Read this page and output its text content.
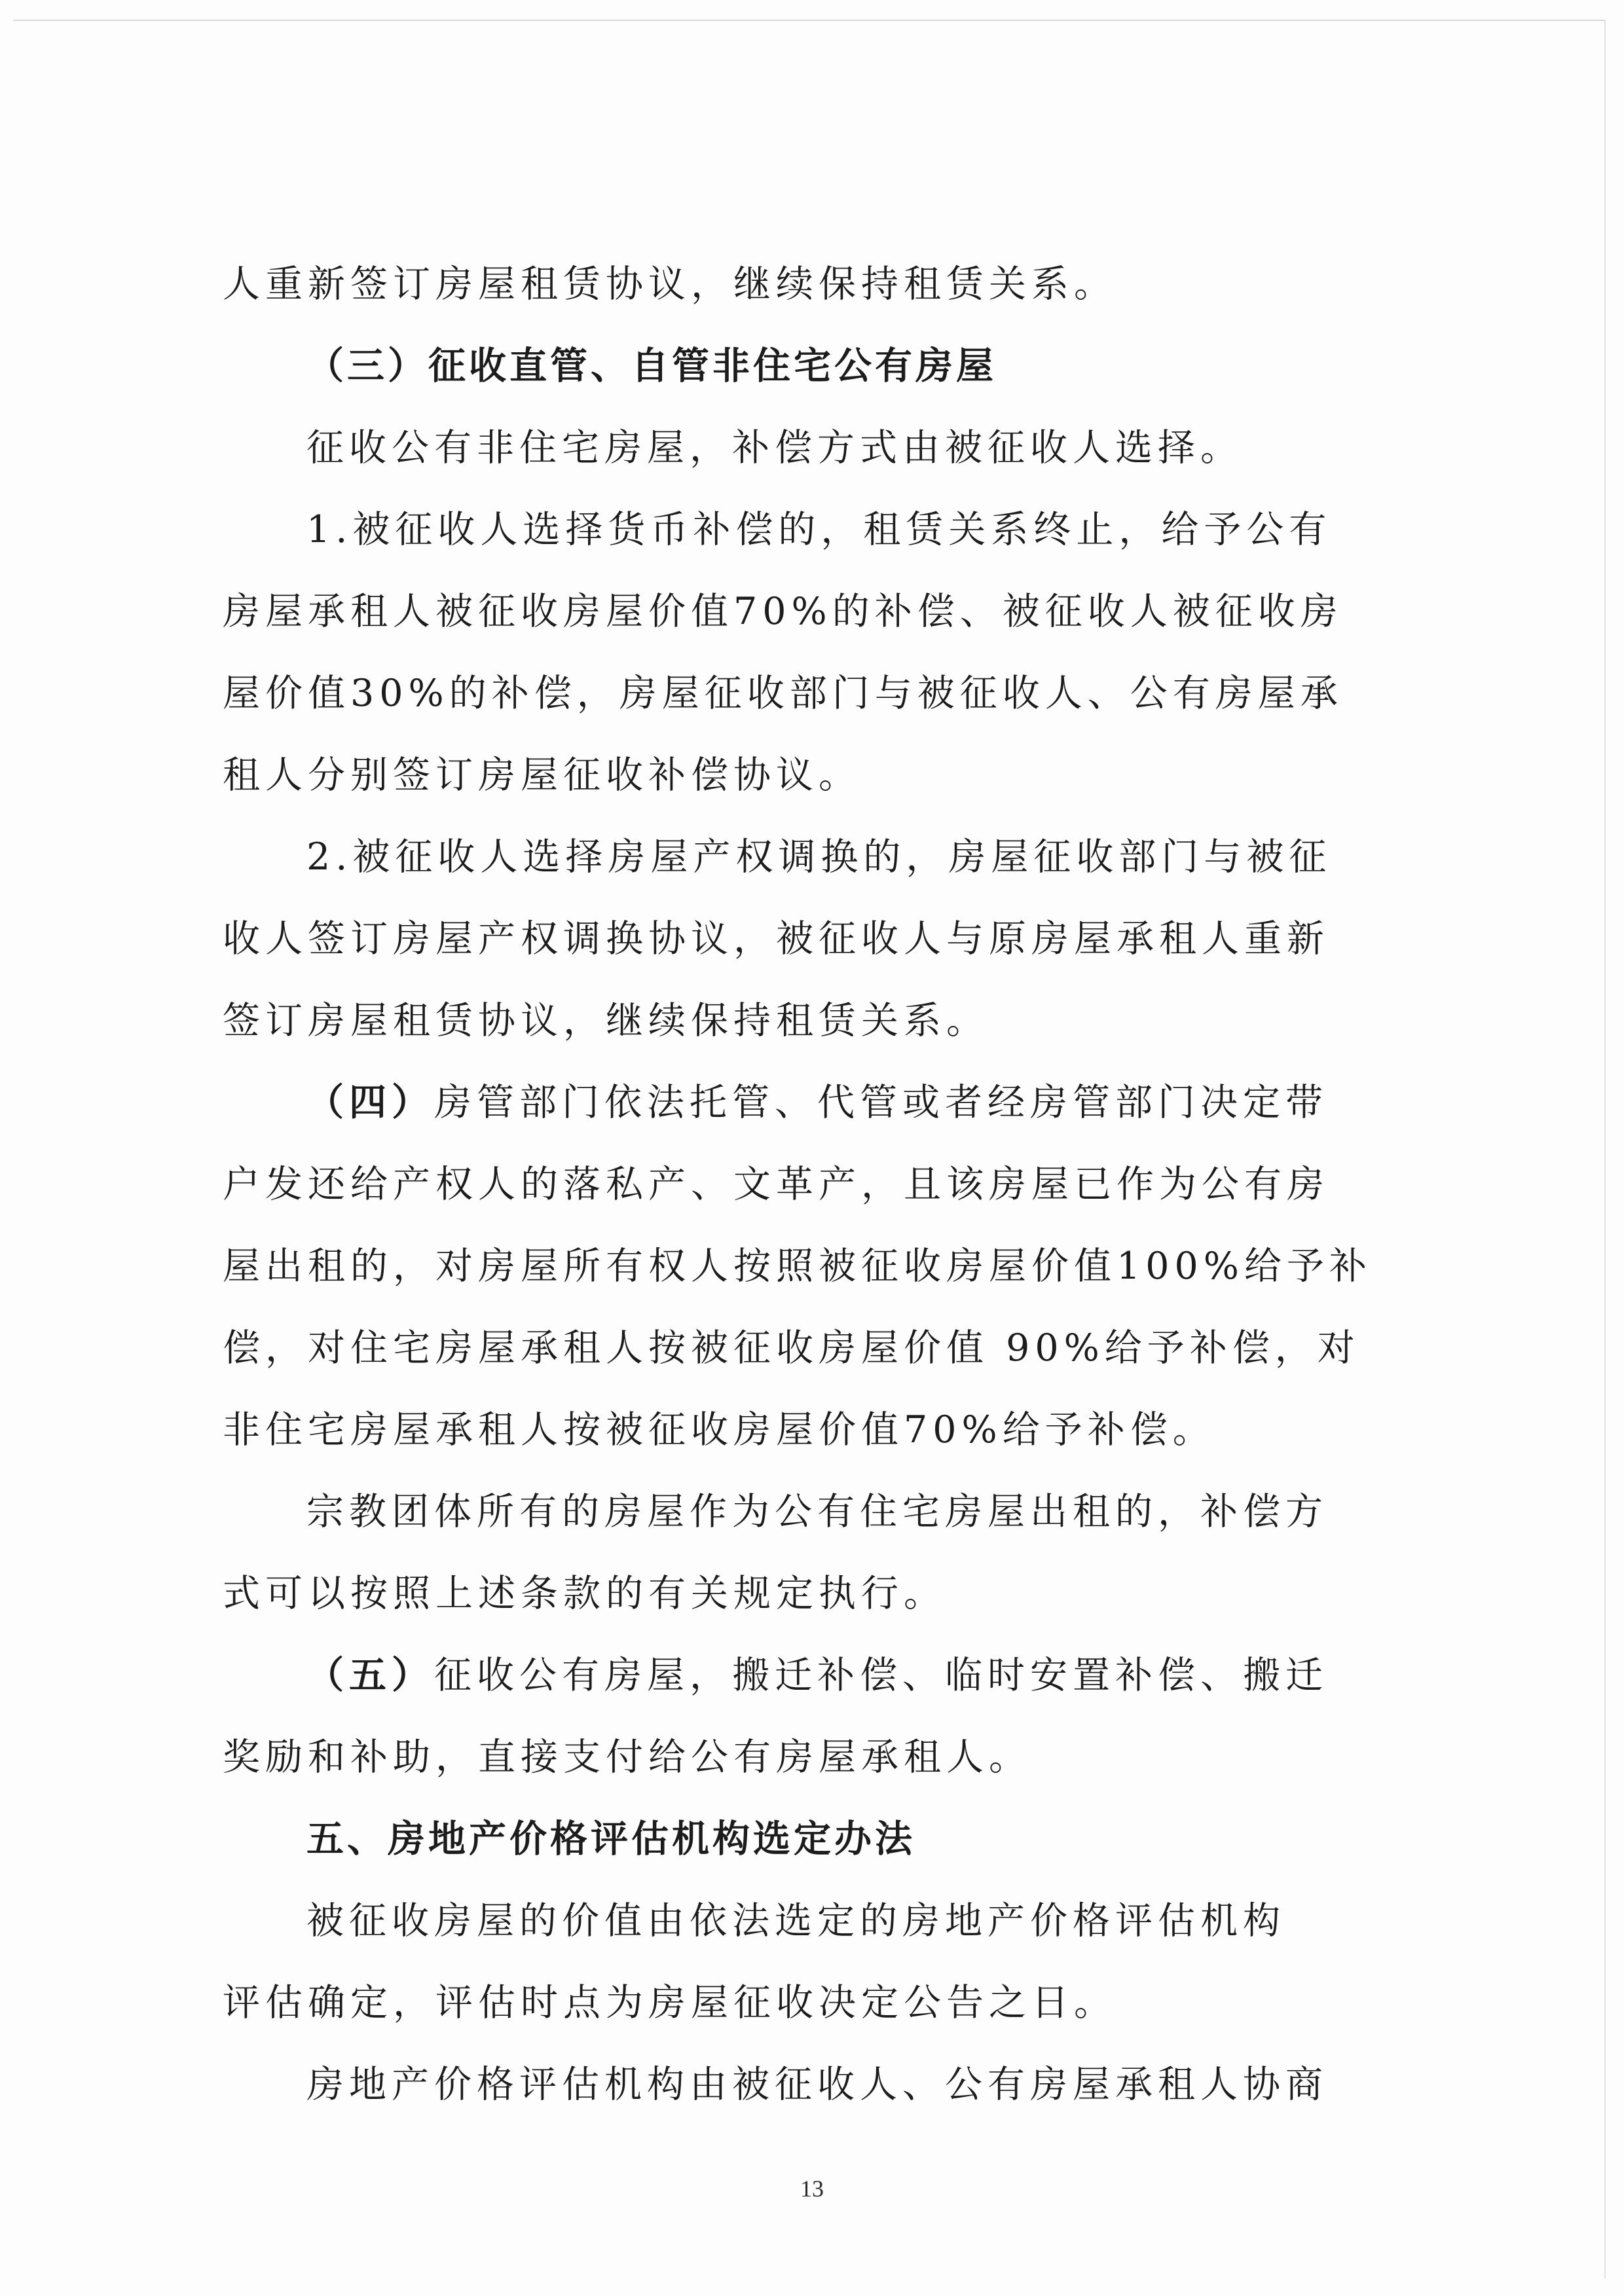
人重新签订房屋租赁协议，继续保持租赁关系。
（三）征收直管、自管非住宅公有房屋
征收公有非住宅房屋，补偿方式由被征收人选择。
1.被征收人选择货币补偿的，租赁关系终止，给予公有
房屋承租人被征收房屋价值70%的补偿、被征收人被征收房
屋价值30%的补偿，房屋征收部门与被征收人、公有房屋承
租人分别签订房屋征收补偿协议。
2.被征收人选择房屋产权调换的，房屋征收部门与被征
收人签订房屋产权调换协议，被征收人与原房屋承租人重新
签订房屋租赁协议，继续保持租赁关系。
（四）房管部门依法托管、代管或者经房管部门决定带
户发还给产权人的落私产、文革产，且该房屋已作为公有房
屋出租的，对房屋所有权人按照被征收房屋价值100%给予补
偿，对住宅房屋承租人按被征收房屋价值 90%给予补偿，对
非住宅房屋承租人按被征收房屋价值70%给予补偿。
宗教团体所有的房屋作为公有住宅房屋出租的，补偿方
式可以按照上述条款的有关规定执行。
（五）征收公有房屋，搬迁补偿、临时安置补偿、搬迁
奖励和补助，直接支付给公有房屋承租人。
五、房地产价格评估机构选定办法
被征收房屋的价值由依法选定的房地产价格评估机构
评估确定，评估时点为房屋征收决定公告之日。
房地产价格评估机构由被征收人、公有房屋承租人协商
13
